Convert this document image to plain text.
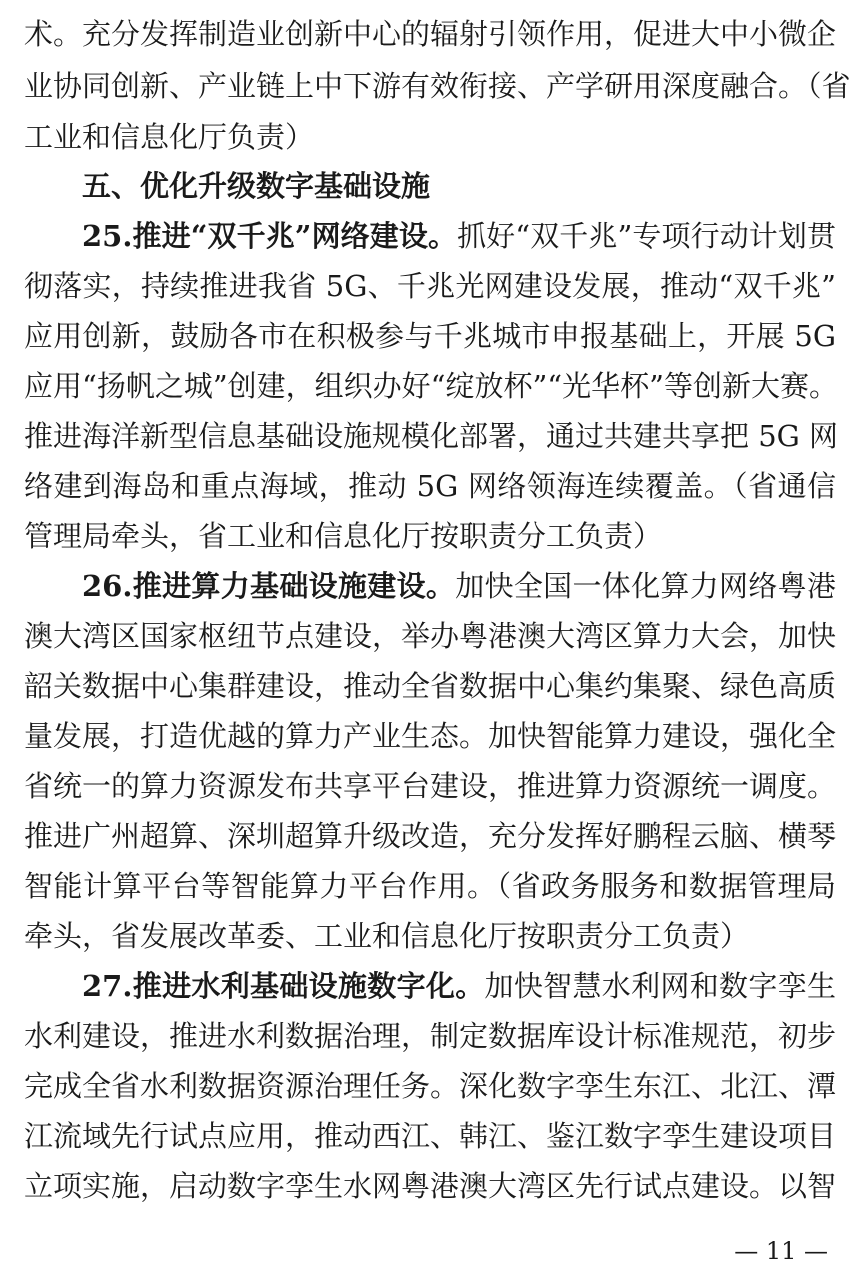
术。充分发挥制造业创新中心的辐射引领作用，促进大中小微企
业协同创新、产业链上中下游有效衔接、产学研用深度融合。（省
工业和信息化厅负责）
五、优化升级数字基础设施
25.推进“双千兆”网络建设。抓好“双千兆”专项行动计划贯
彻落实，持续推进我省 5G、千兆光网建设发展，推动“双千兆”
应用创新，鼓励各市在积极参与千兆城市申报基础上，开展 5G
应用“扬帆之城”创建，组织办好“绽放杯”“光华杯”等创新大赛。
推进海洋新型信息基础设施规模化部署，通过共建共享把 5G 网
络建到海岛和重点海域，推动 5G 网络领海连续覆盖。（省通信
管理局牵头，省工业和信息化厅按职责分工负责）
26.推进算力基础设施建设。加快全国一体化算力网络粤港
澳大湾区国家枢纽节点建设，举办粤港澳大湾区算力大会，加快
韶关数据中心集群建设，推动全省数据中心集约集聚、绿色高质
量发展，打造优越的算力产业生态。加快智能算力建设，强化全
省统一的算力资源发布共享平台建设，推进算力资源统一调度。
推进广州超算、深圳超算升级改造，充分发挥好鹏程云脑、横琴
智能计算平台等智能算力平台作用。（省政务服务和数据管理局
牵头，省发展改革委、工业和信息化厅按职责分工负责）
27.推进水利基础设施数字化。加快智慧水利网和数字孪生
水利建设，推进水利数据治理，制定数据库设计标准规范，初步
完成全省水利数据资源治理任务。深化数字孪生东江、北江、潭
江流域先行试点应用，推动西江、韩江、鉴江数字孪生建设项目
立项实施，启动数字孪生水网粤港澳大湾区先行试点建设。以智
— 11 —
